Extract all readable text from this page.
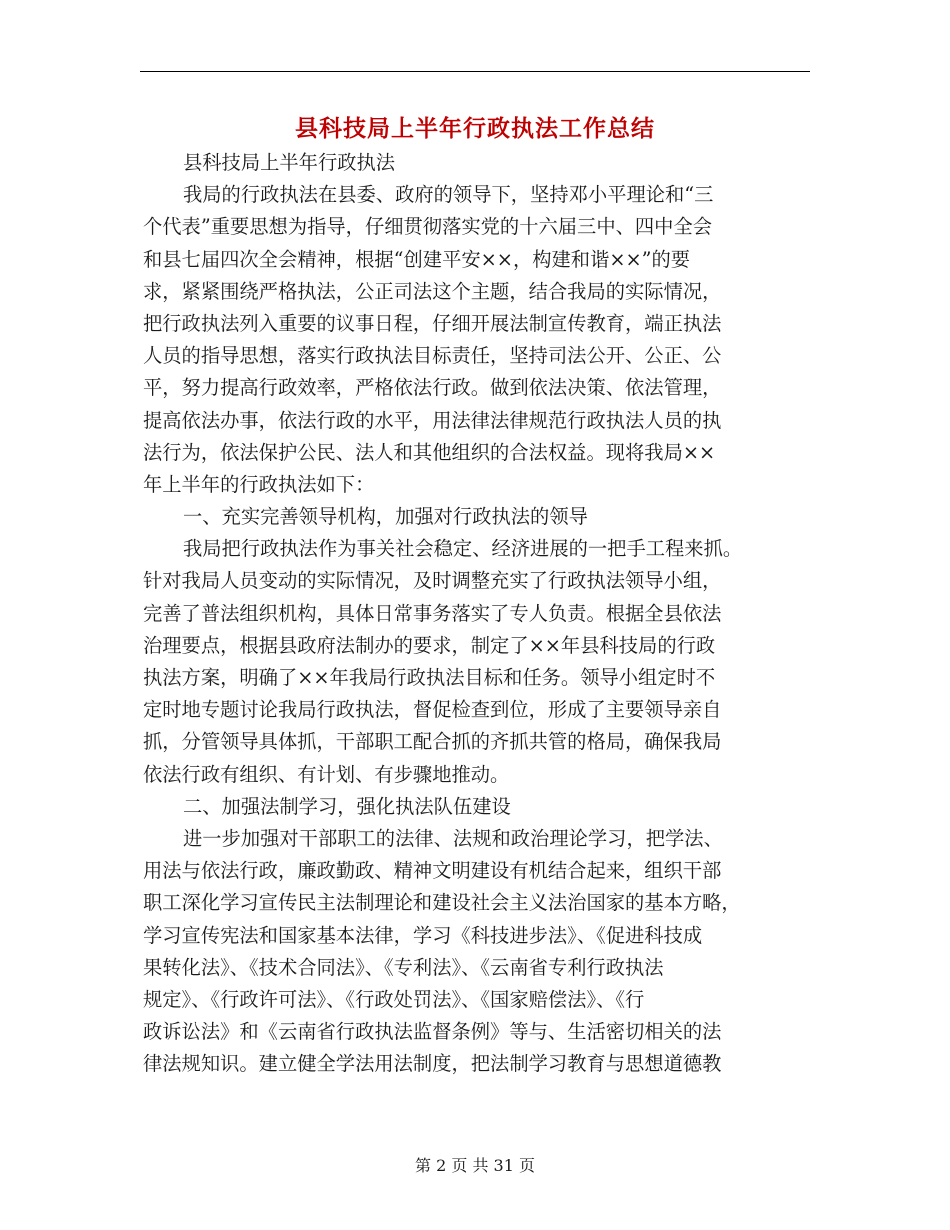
县科技局上半年行政执法工作总结
县科技局上半年行政执法
我局的行政执法在县委、政府的领导下，坚持邓小平理论和“三
个代表”重要思想为指导，仔细贯彻落实党的十六届三中、四中全会
和县七届四次全会精神，根据“创建平安××，构建和谐××”的要
求，紧紧围绕严格执法，公正司法这个主题，结合我局的实际情况，
把行政执法列入重要的议事日程，仔细开展法制宣传教育，端正执法
人员的指导思想，落实行政执法目标责任，坚持司法公开、公正、公
平，努力提高行政效率，严格依法行政。做到依法决策、依法管理，
提高依法办事，依法行政的水平，用法律法律规范行政执法人员的执
法行为，依法保护公民、法人和其他组织的合法权益。现将我局××
年上半年的行政执法如下：
一、充实完善领导机构，加强对行政执法的领导
我局把行政执法作为事关社会稳定、经济进展的一把手工程来抓。
针对我局人员变动的实际情况，及时调整充实了行政执法领导小组，
完善了普法组织机构，具体日常事务落实了专人负责。根据全县依法
治理要点，根据县政府法制办的要求，制定了××年县科技局的行政
执法方案，明确了××年我局行政执法目标和任务。领导小组定时不
定时地专题讨论我局行政执法，督促检查到位，形成了主要领导亲自
抓，分管领导具体抓，干部职工配合抓的齐抓共管的格局，确保我局
依法行政有组织、有计划、有步骤地推动。
二、加强法制学习，强化执法队伍建设
进一步加强对干部职工的法律、法规和政治理论学习，把学法、
用法与依法行政，廉政勤政、精神文明建设有机结合起来，组织干部
职工深化学习宣传民主法制理论和建设社会主义法治国家的基本方略，
学习宣传宪法和国家基本法律，学习《科技进步法》、《促进科技成
果转化法》、《技术合同法》、《专利法》、《云南省专利行政执法
规定》、《行政许可法》、《行政处罚法》、《国家赔偿法》、《行
政诉讼法》和《云南省行政执法监督条例》等与、生活密切相关的法
律法规知识。建立健全学法用法制度，把法制学习教育与思想道德教
第 2 页 共 31 页
